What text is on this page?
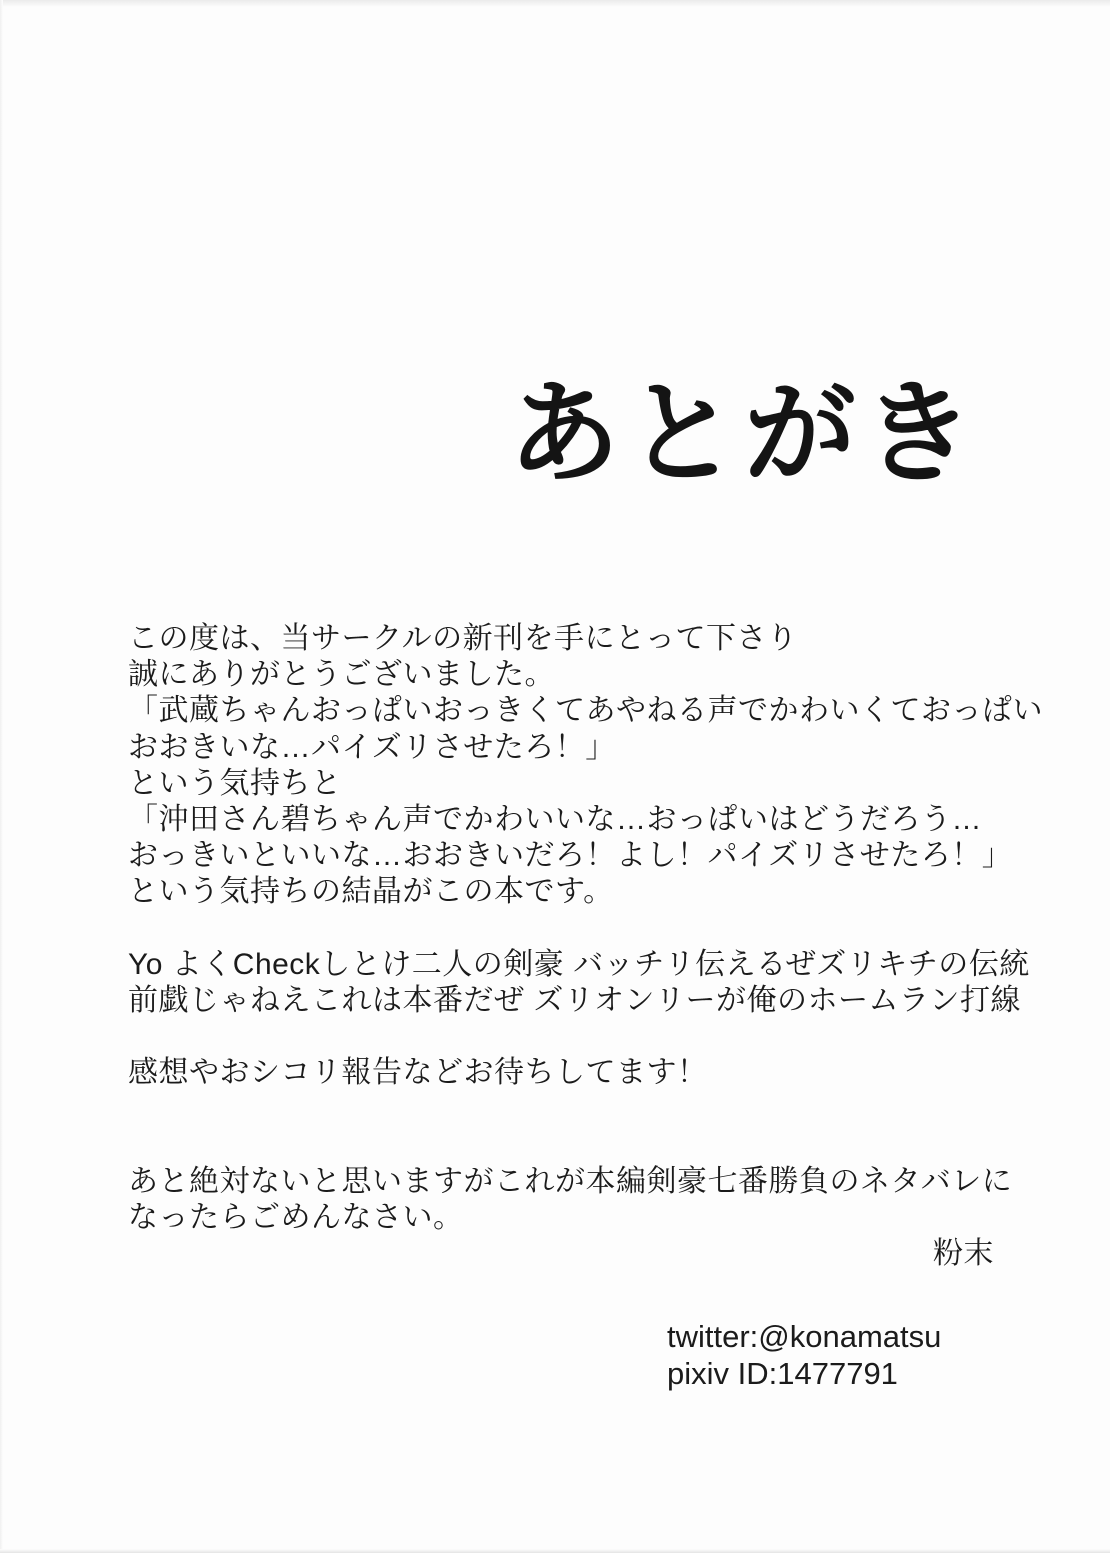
あとがき
この度は、当サークルの新刊を手にとって下さり
誠にありがとうございました。
「武蔵ちゃんおっぱいおっきくてあやねる声でかわいくておっぱい
おおきいな…パイズリさせたろ！」
という気持ちと
「沖田さん碧ちゃん声でかわいいな…おっぱいはどうだろう…
おっきいといいな…おおきいだろ！よし！パイズリさせたろ！」
という気持ちの結晶がこの本です。
Yo よくCheckしとけ二人の剣豪 バッチリ伝えるぜズリキチの伝統
前戯じゃねえこれは本番だぜ ズリオンリーが俺のホームラン打線
感想やおシコリ報告などお待ちしてます！
あと絶対ないと思いますがこれが本編剣豪七番勝負のネタバレに
なったらごめんなさい。
粉末
twitter:@konamatsu
pixiv ID:1477791
